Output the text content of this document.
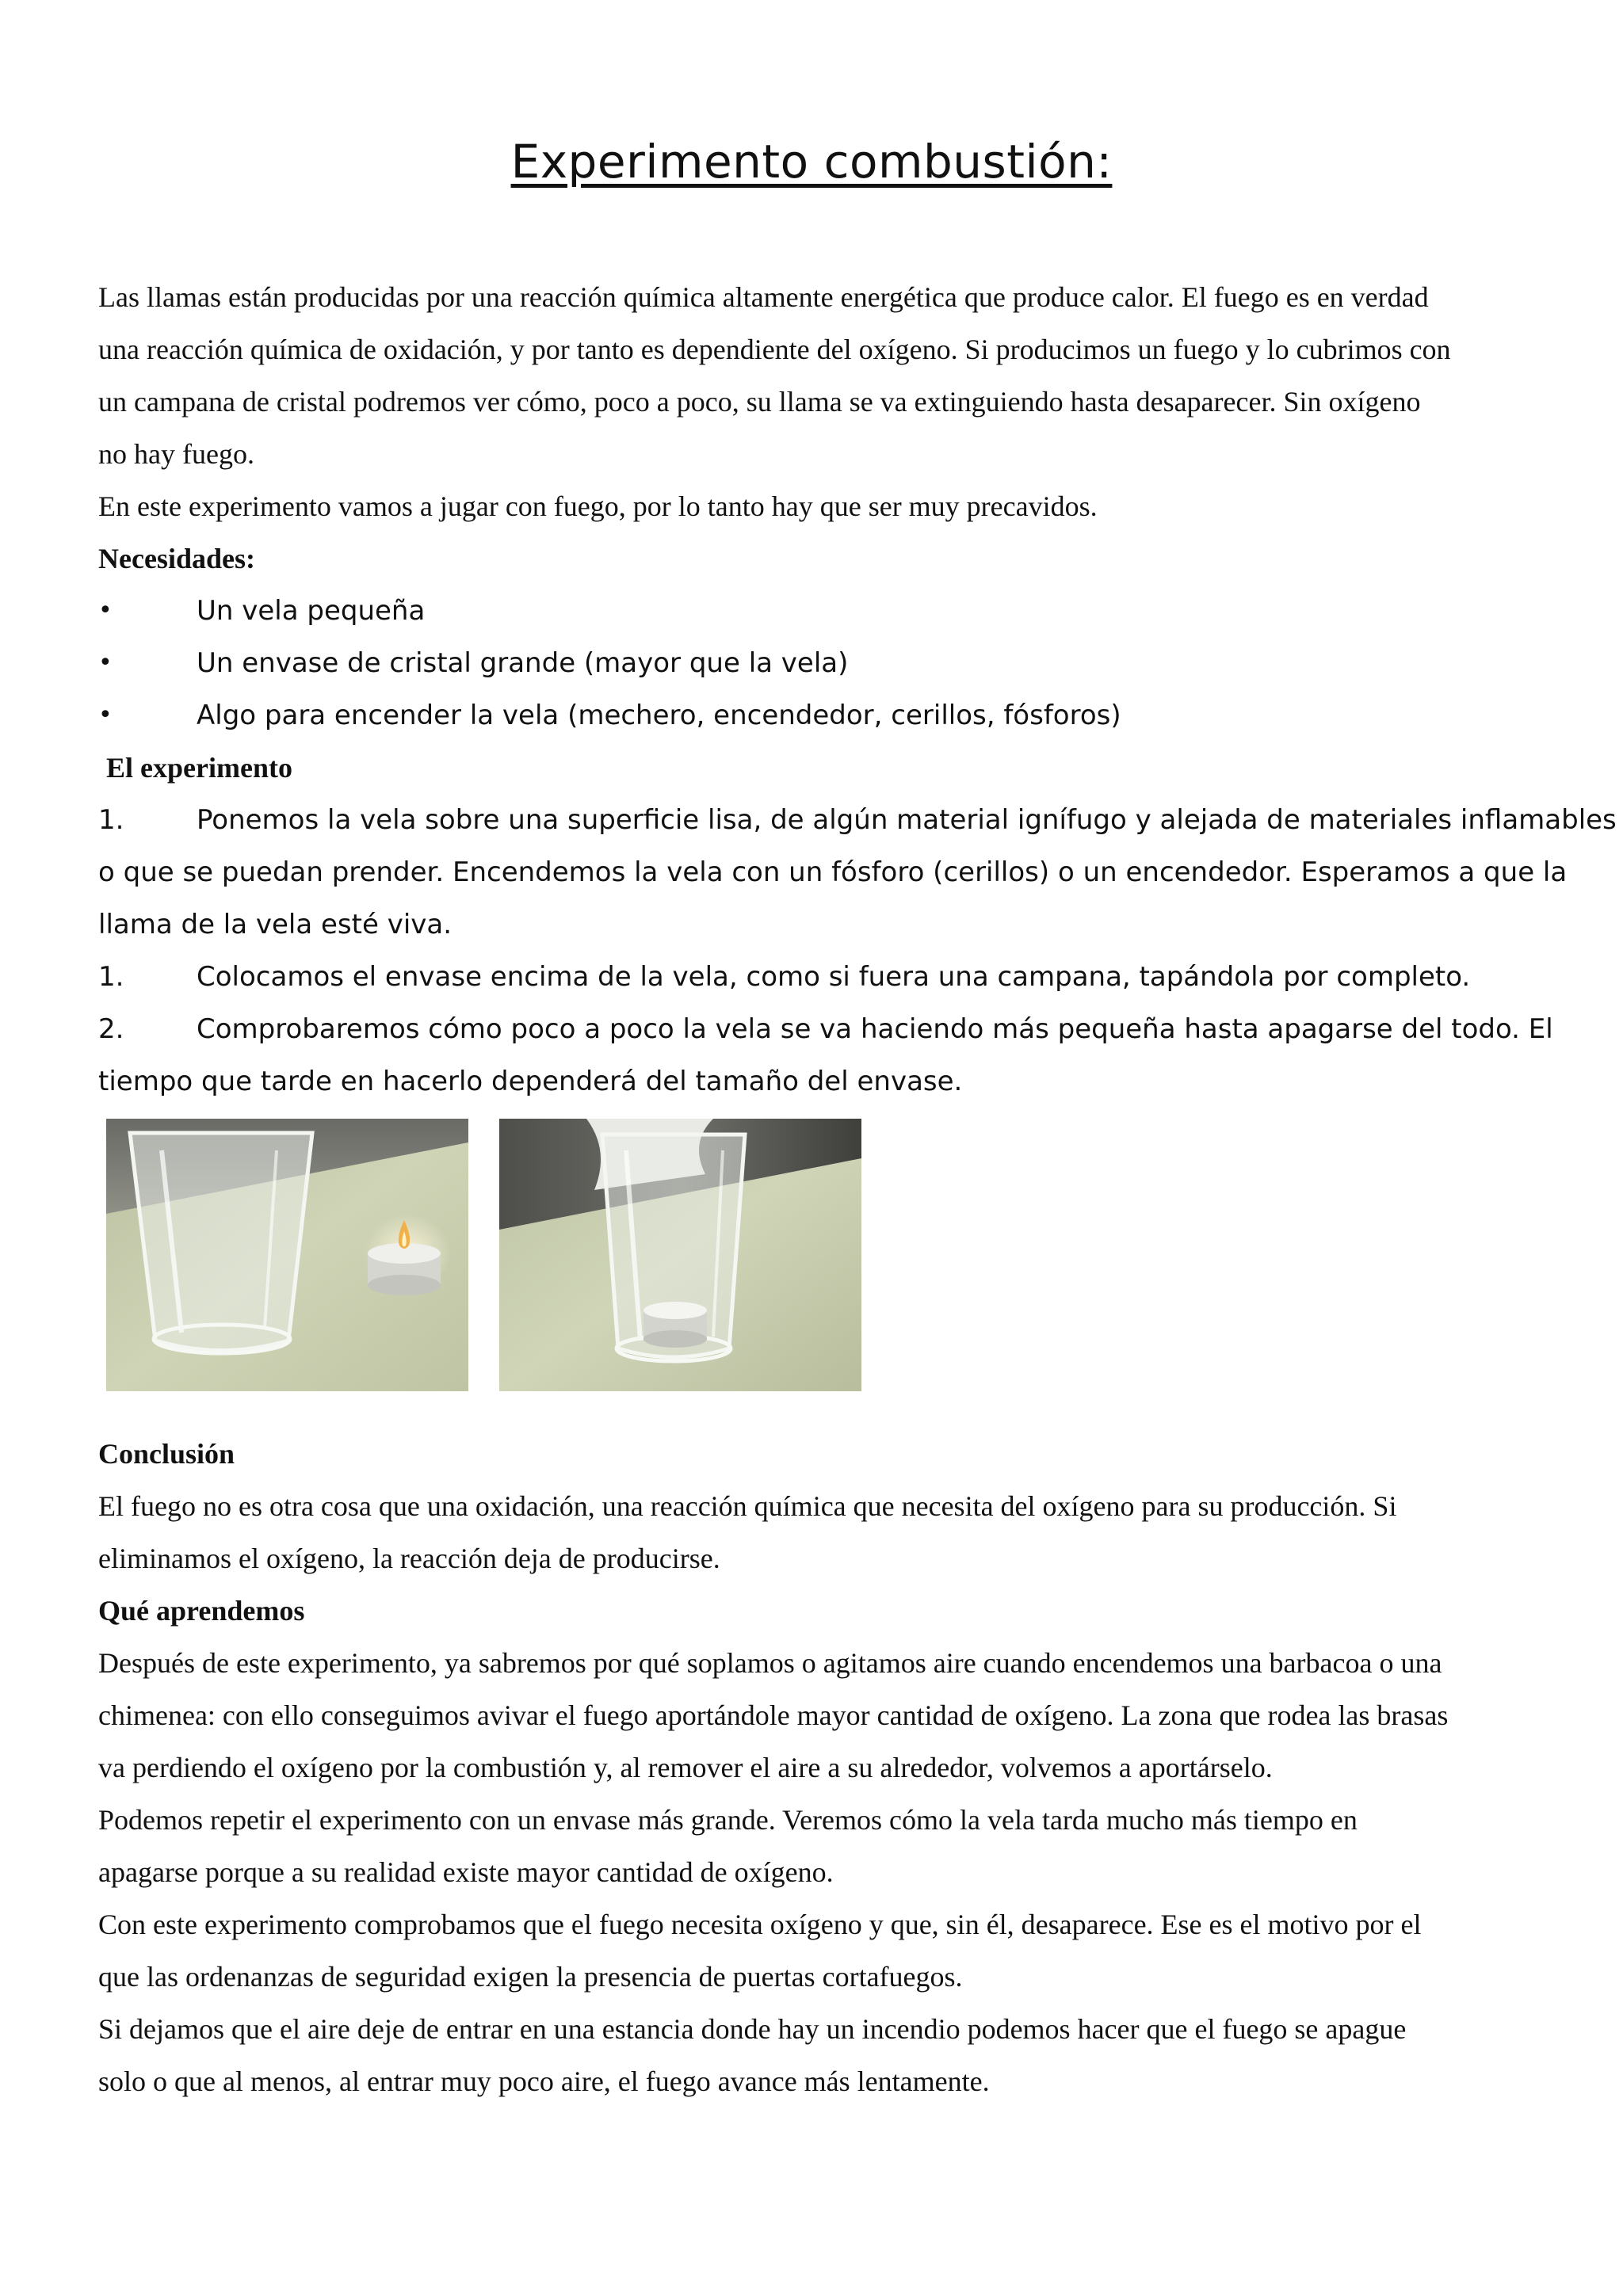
Experimento combustión:

Las llamas están producidas por una reacción química altamente energética que produce calor. El fuego es en verdad

una reacción química de oxidación, y por tanto es dependiente del oxígeno. Si producimos un fuego y lo cubrimos con

un campana de cristal podremos ver cómo, poco a poco, su llama se va extinguiendo hasta desaparecer. Sin oxígeno

no hay fuego.

En este experimento vamos a jugar con fuego, por lo tanto hay que ser muy precavidos.

Necesidades:

•	Un vela pequeña
•	Un envase de cristal grande (mayor que la vela)
•	Algo para encender la vela (mechero, encendedor, cerillos, fósforos)

El experimento

1.	Ponemos la vela sobre una superficie lisa, de algún material ignífugo y alejada de materiales inflamables

o que se puedan prender. Encendemos la vela con un fósforo (cerillos) o un encendedor. Esperamos a que la

llama de la vela esté viva.

1.	Colocamos el envase encima de la vela, como si fuera una campana, tapándola por completo.
2.	Comprobaremos cómo poco a poco la vela se va haciendo más pequeña hasta apagarse del todo. El

tiempo que tarde en hacerlo dependerá del tamaño del envase.

Conclusión

El fuego no es otra cosa que una oxidación, una reacción química que necesita del oxígeno para su producción. Si

eliminamos el oxígeno, la reacción deja de producirse.

Qué aprendemos

Después de este experimento, ya sabremos por qué soplamos o agitamos aire cuando encendemos una barbacoa o una

chimenea: con ello conseguimos avivar el fuego aportándole mayor cantidad de oxígeno. La zona que rodea las brasas

va perdiendo el oxígeno por la combustión y, al remover el aire a su alrededor, volvemos a aportárselo.

Podemos repetir el experimento con un envase más grande. Veremos cómo la vela tarda mucho más tiempo en

apagarse porque a su realidad existe mayor cantidad de oxígeno.

Con este experimento comprobamos que el fuego necesita oxígeno y que, sin él, desaparece. Ese es el motivo por el

que las ordenanzas de seguridad exigen la presencia de puertas cortafuegos.

Si dejamos que el aire deje de entrar en una estancia donde hay un incendio podemos hacer que el fuego se apague

solo o que al menos, al entrar muy poco aire, el fuego avance más lentamente.
